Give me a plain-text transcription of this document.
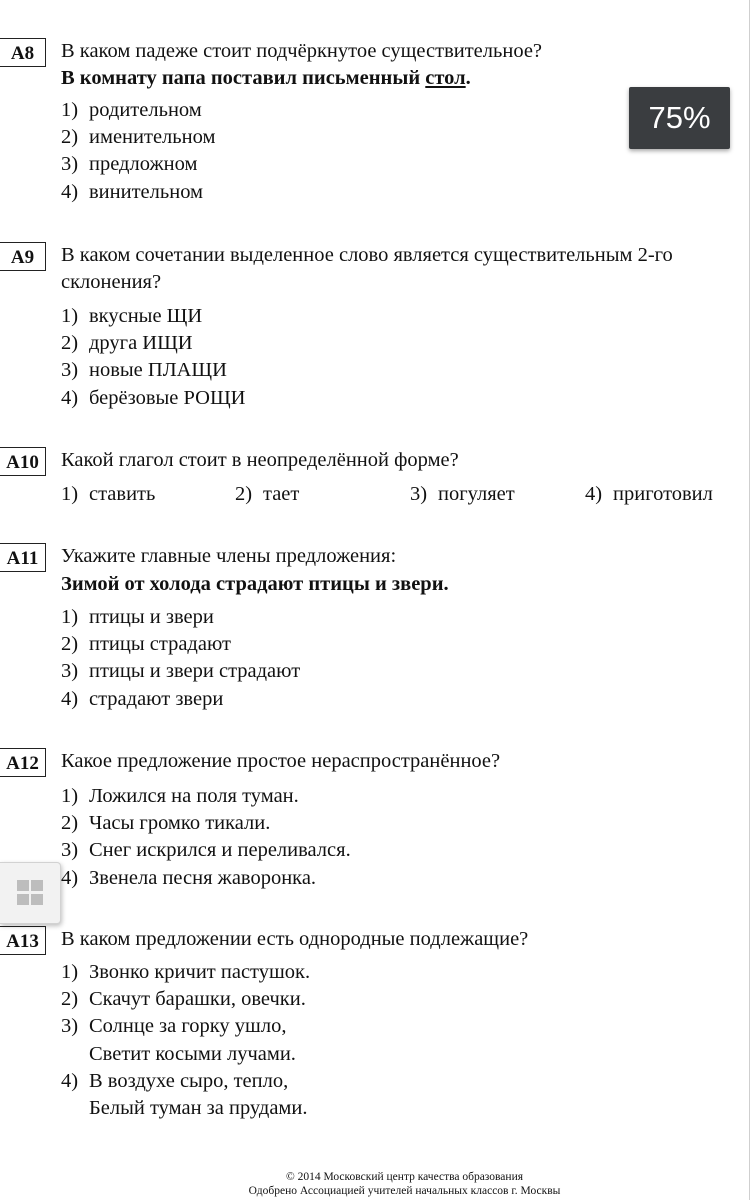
A8	В каком падеже стоит подчёркнутое существительное?
В комнату папа поставил письменный стол.
1) родительном
2) именительном
3) предложном
4) винительном
A9	В каком сочетании выделенное слово является существительным 2-го склонения?
1) вкусные ЩИ
2) друга ИЩИ
3) новые ПЛАЩИ
4) берёзовые РОЩИ
A10	Какой глагол стоит в неопределённой форме?
1) ставить	2) тает	3) погуляет	4) приготовил
A11	Укажите главные члены предложения:
Зимой от холода страдают птицы и звери.
1) птицы и звери
2) птицы страдают
3) птицы и звери страдают
4) страдают звери
A12	Какое предложение простое нераспространённое?
1) Ложился на поля туман.
2) Часы громко тикали.
3) Снег искрился и переливался.
4) Звенела песня жаворонка.
A13	В каком предложении есть однородные подлежащие?
1) Звонко кричит пастушок.
2) Скачут барашки, овечки.
3) Солнце за горку ушло,
Светит косыми лучами.
4) В воздухе сыро, тепло,
Белый туман за прудами.
© 2014 Московский центр качества образования
Одобрено Ассоциацией учителей начальных классов г. Москвы
75%
